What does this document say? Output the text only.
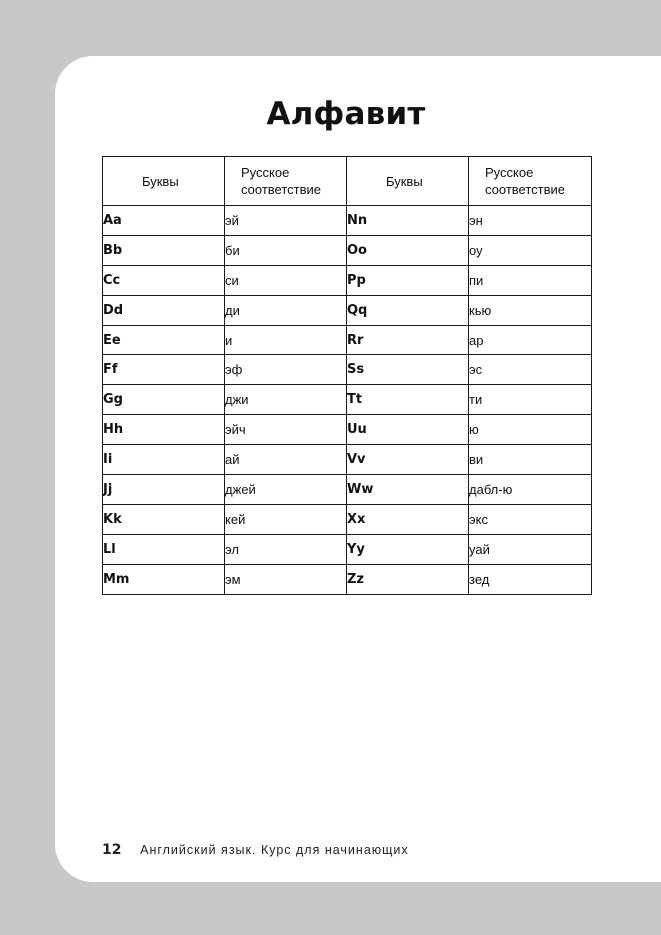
Алфавит
Буквы	Русское соответствие	Буквы	Русское соответствие
Aa	эй	Nn	эн
Bb	би	Oo	оу
Cc	си	Pp	пи
Dd	ди	Qq	кью
Ee	и	Rr	ар
Ff	эф	Ss	эс
Gg	джи	Tt	ти
Hh	эйч	Uu	ю
Ii	ай	Vv	ви
Jj	джей	Ww	дабл-ю
Kk	кей	Xx	экс
Ll	эл	Yy	уай
Mm	эм	Zz	зед
12 Английский язык. Курс для начинающих
